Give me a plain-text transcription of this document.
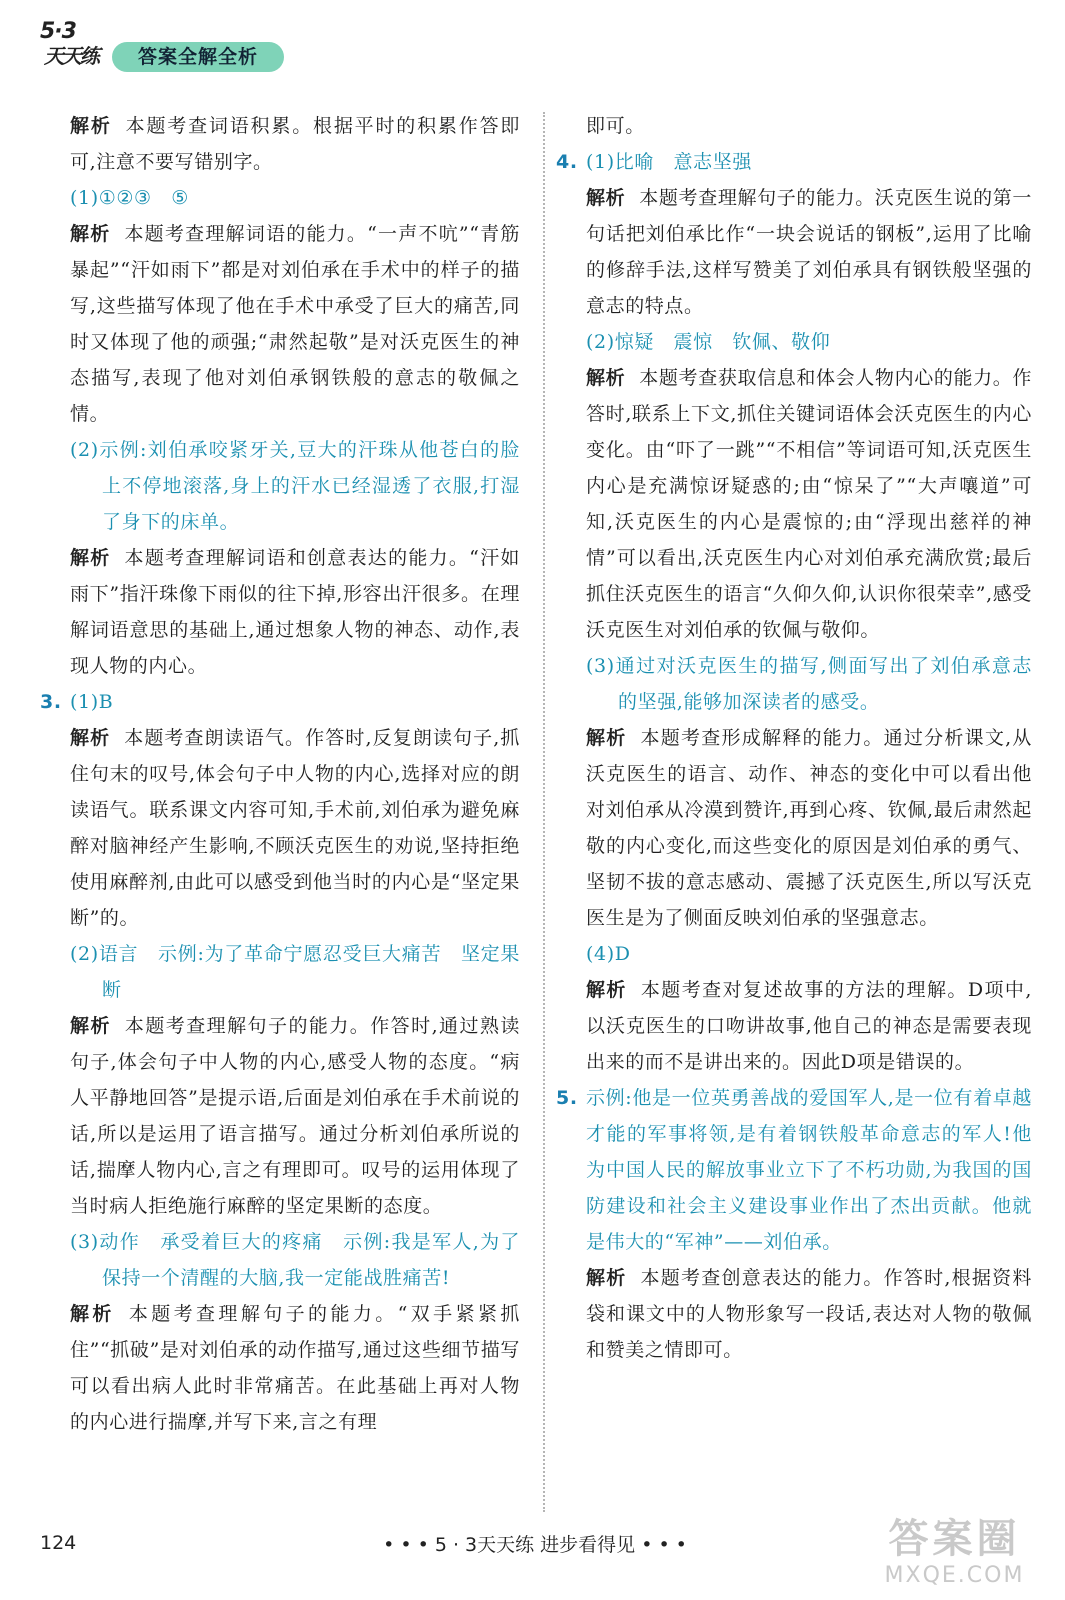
5·3
天天练	答案全解全析

解析 本题考查词语积累。根据平时的积累作答即可,注意不要写错别字。

(1)①②③　⑤

解析 本题考查理解词语的能力。“一声不吭”“青筋暴起”“汗如雨下”都是对刘伯承在手术中的样子的描写,这些描写体现了他在手术中承受了巨大的痛苦,同时又体现了他的顽强;“肃然起敬”是对沃克医生的神态描写,表现了他对刘伯承钢铁般的意志的敬佩之情。

(2)示例:刘伯承咬紧牙关,豆大的汗珠从他苍白的脸上不停地滚落,身上的汗水已经湿透了衣服,打湿了身下的床单。

解析 本题考查理解词语和创意表达的能力。“汗如雨下”指汗珠像下雨似的往下掉,形容出汗很多。在理解词语意思的基础上,通过想象人物的神态、动作,表现人物的内心。

3. (1)B

解析 本题考查朗读语气。作答时,反复朗读句子,抓住句末的叹号,体会句子中人物的内心,选择对应的朗读语气。联系课文内容可知,手术前,刘伯承为避免麻醉对脑神经产生影响,不顾沃克医生的劝说,坚持拒绝使用麻醉剂,由此可以感受到他当时的内心是“坚定果断”的。

(2)语言　示例:为了革命宁愿忍受巨大痛苦　坚定果断

解析 本题考查理解句子的能力。作答时,通过熟读句子,体会句子中人物的内心,感受人物的态度。“病人平静地回答”是提示语,后面是刘伯承在手术前说的话,所以是运用了语言描写。通过分析刘伯承所说的话,揣摩人物内心,言之有理即可。叹号的运用体现了当时病人拒绝施行麻醉的坚定果断的态度。

(3)动作　承受着巨大的疼痛　示例:我是军人,为了保持一个清醒的大脑,我一定能战胜痛苦!

解析 本题考查理解句子的能力。“双手紧紧抓住”“抓破”是对刘伯承的动作描写,通过这些细节描写可以看出病人此时非常痛苦。在此基础上再对人物的内心进行揣摩,并写下来,言之有理

即可。

4. (1)比喻　意志坚强

解析 本题考查理解句子的能力。沃克医生说的第一句话把刘伯承比作“一块会说话的钢板”,运用了比喻的修辞手法,这样写赞美了刘伯承具有钢铁般坚强的意志的特点。

(2)惊疑　震惊　钦佩、敬仰

解析 本题考查获取信息和体会人物内心的能力。作答时,联系上下文,抓住关键词语体会沃克医生的内心变化。由“吓了一跳”“不相信”等词语可知,沃克医生内心是充满惊讶疑惑的;由“惊呆了”“大声嚷道”可知,沃克医生的内心是震惊的;由“浮现出慈祥的神情”可以看出,沃克医生内心对刘伯承充满欣赏;最后抓住沃克医生的语言“久仰久仰,认识你很荣幸”,感受沃克医生对刘伯承的钦佩与敬仰。

(3)通过对沃克医生的描写,侧面写出了刘伯承意志的坚强,能够加深读者的感受。

解析 本题考查形成解释的能力。通过分析课文,从沃克医生的语言、动作、神态的变化中可以看出他对刘伯承从冷漠到赞许,再到心疼、钦佩,最后肃然起敬的内心变化,而这些变化的原因是刘伯承的勇气、坚韧不拔的意志感动、震撼了沃克医生,所以写沃克医生是为了侧面反映刘伯承的坚强意志。

(4)D

解析 本题考查对复述故事的方法的理解。D项中,以沃克医生的口吻讲故事,他自己的神态是需要表现出来的而不是讲出来的。因此D项是错误的。

5. 示例:他是一位英勇善战的爱国军人,是一位有着卓越才能的军事将领,是有着钢铁般革命意志的军人!他为中国人民的解放事业立下了不朽功勋,为我国的国防建设和社会主义建设事业作出了杰出贡献。他就是伟大的“军神”——刘伯承。

解析 本题考查创意表达的能力。作答时,根据资料袋和课文中的人物形象写一段话,表达对人物的敬佩和赞美之情即可。

124	• • • 5 · 3天天练 进步看得见 • • •	答案圈
MXQE.COM
